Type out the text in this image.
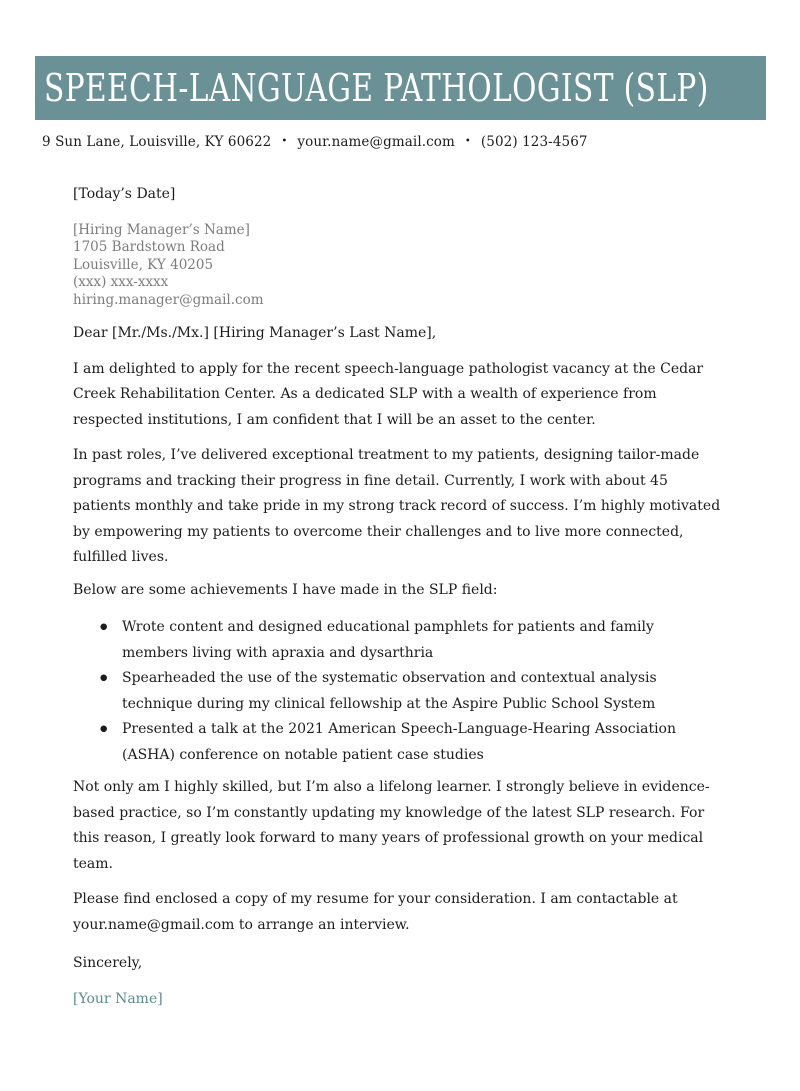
SPEECH-LANGUAGE PATHOLOGIST (SLP)
9 Sun Lane, Louisville, KY 60622 • your.name@gmail.com • (502) 123-4567
[Today’s Date]
[Hiring Manager’s Name]
1705 Bardstown Road
Louisville, KY 40205
(xxx) xxx-xxxx
hiring.manager@gmail.com

Dear [Mr./Ms./Mx.] [Hiring Manager’s Last Name],

I am delighted to apply for the recent speech-language pathologist vacancy at the Cedar Creek Rehabilitation Center. As a dedicated SLP with a wealth of experience from respected institutions, I am confident that I will be an asset to the center.

In past roles, I’ve delivered exceptional treatment to my patients, designing tailor-made programs and tracking their progress in fine detail. Currently, I work with about 45 patients monthly and take pride in my strong track record of success. I’m highly motivated by empowering my patients to overcome their challenges and to live more connected, fulfilled lives.

Below are some achievements I have made in the SLP field:

●	Wrote content and designed educational pamphlets for patients and family members living with apraxia and dysarthria
●	Spearheaded the use of the systematic observation and contextual analysis technique during my clinical fellowship at the Aspire Public School System
●	Presented a talk at the 2021 American Speech-Language-Hearing Association (ASHA) conference on notable patient case studies

Not only am I highly skilled, but I’m also a lifelong learner. I strongly believe in evidence-based practice, so I’m constantly updating my knowledge of the latest SLP research. For this reason, I greatly look forward to many years of professional growth on your medical team.

Please find enclosed a copy of my resume for your consideration. I am contactable at your.name@gmail.com to arrange an interview.

Sincerely,

[Your Name]
